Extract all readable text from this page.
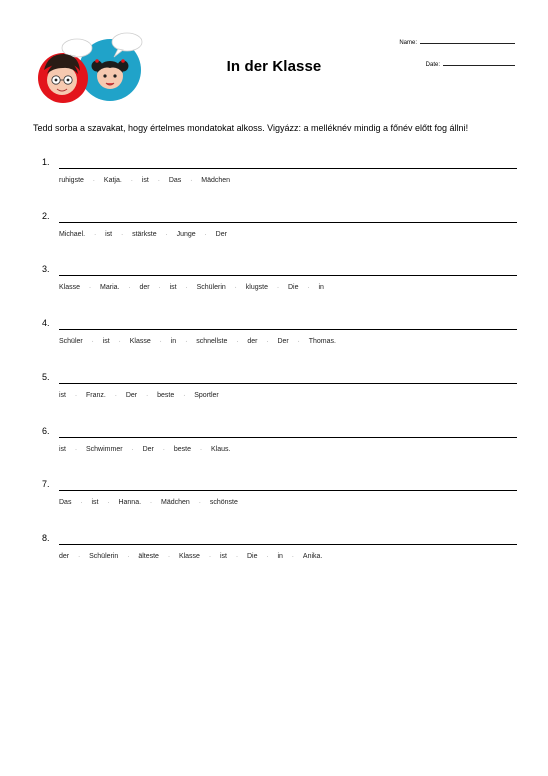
In der Klasse
Name:
Date:
Tedd sorba a szavakat, hogy értelmes mondatokat alkoss. Vigyázz: a melléknév mindig a főnév előtt fog állni!
1.
ruhigste · Katja. · ist · Das · Mädchen
2.
Michael. · ist · stärkste · Junge · Der
3.
Klasse · Maria. · der · ist · Schülerin · klugste · Die · in
4.
Schüler · ist · Klasse · in · schnellste · der · Der · Thomas.
5.
ist · Franz. · Der · beste · Sportler
6.
ist · Schwimmer · Der · beste · Klaus.
7.
Das · ist · Hanna. · Mädchen · schönste
8.
der · Schülerin · älteste · Klasse · ist · Die · in · Anika.
